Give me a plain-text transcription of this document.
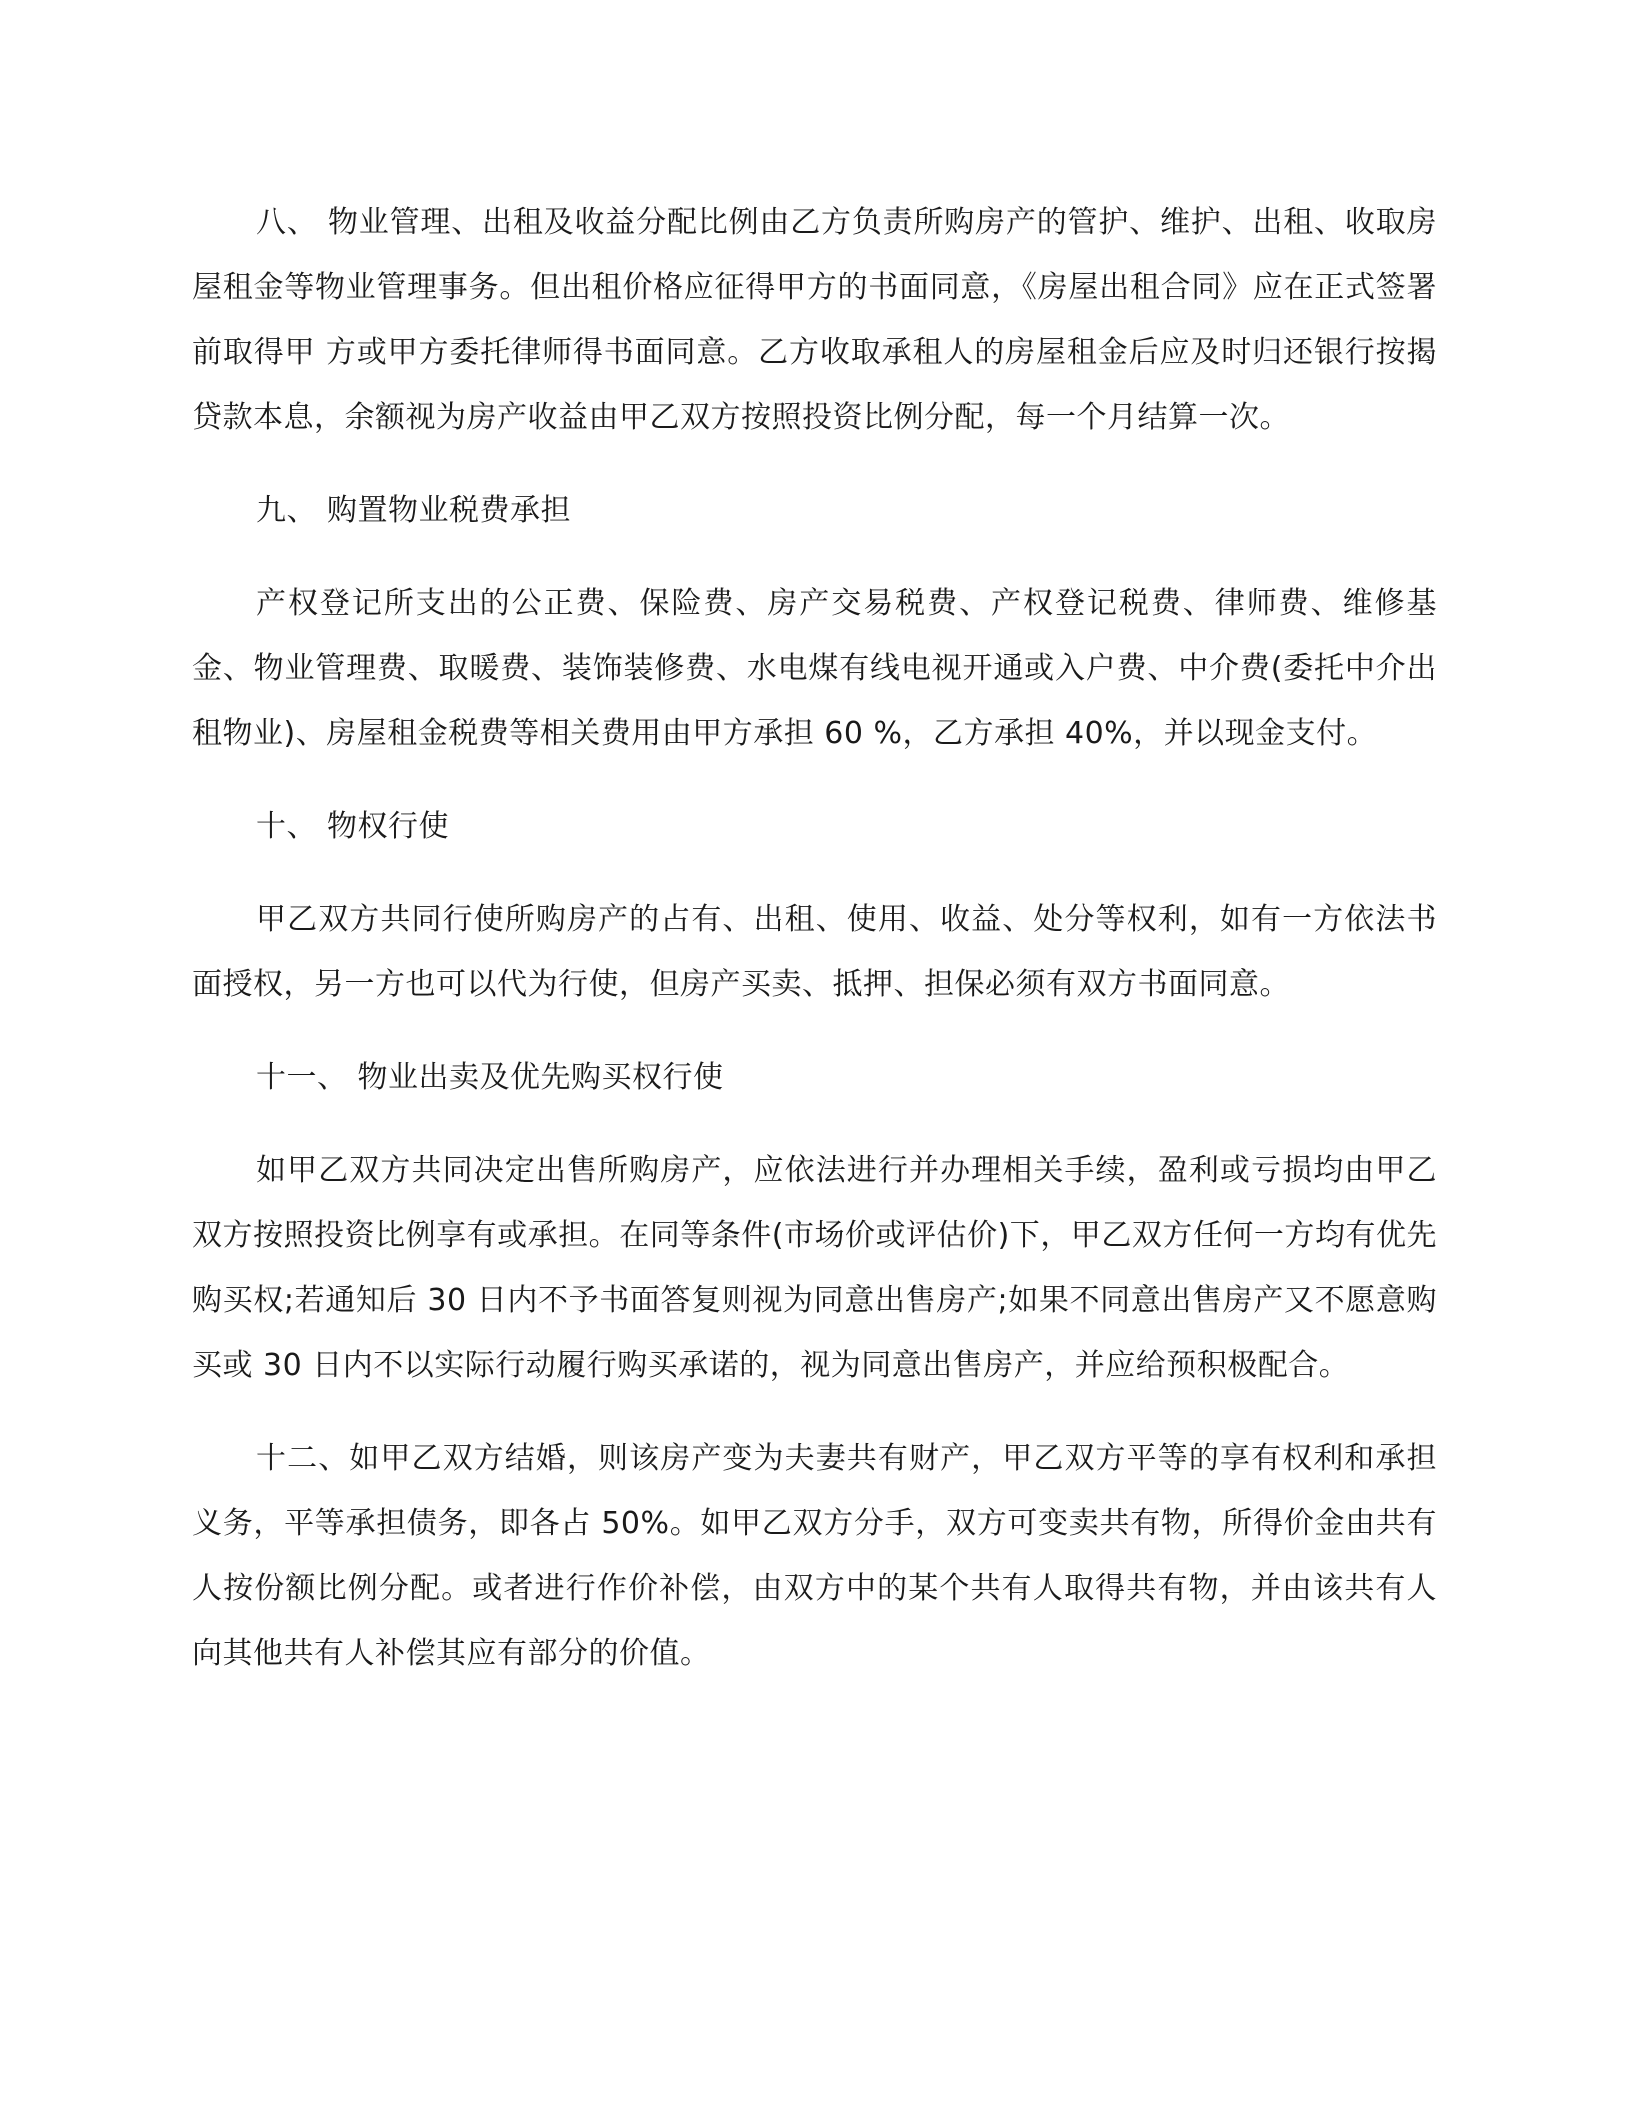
八、 物业管理、出租及收益分配比例由乙方负责所购房产的管护、维护、出租、收取房屋租金等物业管理事务。但出租价格应征得甲方的书面同意，《房屋出租合同》应在正式签署前取得甲 方或甲方委托律师得书面同意。乙方收取承租人的房屋租金后应及时归还银行按揭贷款本息，余额视为房产收益由甲乙双方按照投资比例分配，每一个月结算一次。

九、 购置物业税费承担

产权登记所支出的公正费、保险费、房产交易税费、产权登记税费、律师费、维修基金、物业管理费、取暖费、装饰装修费、水电煤有线电视开通或入户费、中介费(委托中介出租物业)、房屋租金税费等相关费用由甲方承担 60 %，乙方承担 40%，并以现金支付。

十、 物权行使

甲乙双方共同行使所购房产的占有、出租、使用、收益、处分等权利，如有一方依法书面授权，另一方也可以代为行使，但房产买卖、抵押、担保必须有双方书面同意。

十一、 物业出卖及优先购买权行使

如甲乙双方共同决定出售所购房产，应依法进行并办理相关手续，盈利或亏损均由甲乙双方按照投资比例享有或承担。在同等条件(市场价或评估价)下，甲乙双方任何一方均有优先购买权;若通知后 30 日内不予书面答复则视为同意出售房产;如果不同意出售房产又不愿意购买或 30 日内不以实际行动履行购买承诺的，视为同意出售房产，并应给预积极配合。

十二、如甲乙双方结婚，则该房产变为夫妻共有财产，甲乙双方平等的享有权利和承担义务，平等承担债务，即各占 50%。如甲乙双方分手，双方可变卖共有物，所得价金由共有人按份额比例分配。或者进行作价补偿，由双方中的某个共有人取得共有物，并由该共有人向其他共有人补偿其应有部分的价值。
